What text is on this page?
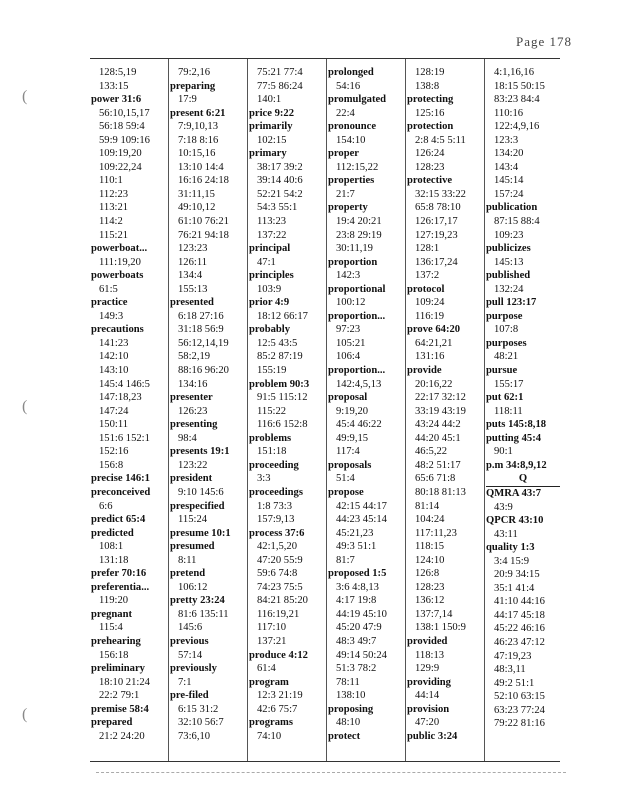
Page 178
(
(
(
128:5,19
133:15
power 31:6
56:10,15,17
56:18 59:4
59:9 109:16
109:19,20
109:22,24
110:1
112:23
113:21
114:2
115:21
powerboat...
111:19,20
powerboats
61:5
practice
149:3
precautions
141:23
142:10
143:10
145:4 146:5
147:18,23
147:24
150:11
151:6 152:1
152:16
156:8
precise 146:1
preconceived
6:6
predict 65:4
predicted
108:1
131:18
prefer 70:16
preferentia...
119:20
pregnant
115:4
prehearing
156:18
preliminary
18:10 21:24
22:2 79:1
premise 58:4
prepared
21:2 24:20
79:2,16
preparing
17:9
present 6:21
7:9,10,13
7:18 8:16
10:15,16
13:10 14:4
16:16 24:18
31:11,15
49:10,12
61:10 76:21
76:21 94:18
123:23
126:11
134:4
155:13
presented
6:18 27:16
31:18 56:9
56:12,14,19
58:2,19
88:16 96:20
134:16
presenter
126:23
presenting
98:4
presents 19:1
123:22
president
9:10 145:6
prespecified
115:24
presume 10:1
presumed
8:11
pretend
106:12
pretty 23:24
81:6 135:11
145:6
previous
57:14
previously
7:1
pre-filed
6:15 31:2
32:10 56:7
73:6,10
75:21 77:4
77:5 86:24
140:1
price 9:22
primarily
102:15
primary
38:17 39:2
39:14 40:6
52:21 54:2
54:3 55:1
113:23
137:22
principal
47:1
principles
103:9
prior 4:9
18:12 66:17
probably
12:5 43:5
85:2 87:19
155:19
problem 90:3
91:5 115:12
115:22
116:6 152:8
problems
151:18
proceeding
3:3
proceedings
1:8 73:3
157:9,13
process 37:6
42:1,5,20
47:20 55:9
59:6 74:8
74:23 75:5
84:21 85:20
116:19,21
117:10
137:21
produce 4:12
61:4
program
12:3 21:19
42:6 75:7
programs
74:10
prolonged
54:16
promulgated
22:4
pronounce
154:10
proper
112:15,22
properties
21:7
property
19:4 20:21
23:8 29:19
30:11,19
proportion
142:3
proportional
100:12
proportion...
97:23
105:21
106:4
proportion...
142:4,5,13
proposal
9:19,20
45:4 46:22
49:9,15
117:4
proposals
51:4
propose
42:15 44:17
44:23 45:14
45:21,23
49:3 51:1
81:7
proposed 1:5
3:6 4:8,13
4:17 19:8
44:19 45:10
45:20 47:9
48:3 49:7
49:14 50:24
51:3 78:2
78:11
138:10
proposing
48:10
protect
128:19
138:8
protecting
125:16
protection
2:8 4:5 5:11
126:24
128:23
protective
32:15 33:22
65:8 78:10
126:17,17
127:19,23
128:1
136:17,24
137:2
protocol
109:24
116:19
prove 64:20
64:21,21
131:16
provide
20:16,22
22:17 32:12
33:19 43:19
43:24 44:2
44:20 45:1
46:5,22
48:2 51:17
65:6 71:8
80:18 81:13
81:14
104:24
117:11,23
118:15
124:10
126:8
128:23
136:12
137:7,14
138:1 150:9
provided
118:13
129:9
providing
44:14
provision
47:20
public 3:24
4:1,16,16
18:15 50:15
83:23 84:4
110:16
122:4,9,16
123:3
134:20
143:4
145:14
157:24
publication
87:15 88:4
109:23
publicizes
145:13
published
132:24
pull 123:17
purpose
107:8
purposes
48:21
pursue
155:17
put 62:1
118:11
puts 145:8,18
putting 45:4
90:1
p.m 34:8,9,12
Q
QMRA 43:7
43:9
QPCR 43:10
43:11
quality 1:3
3:4 15:9
20:9 34:15
35:1 41:4
41:10 44:16
44:17 45:18
45:22 46:16
46:23 47:12
47:19,23
48:3,11
49:2 51:1
52:10 63:15
63:23 77:24
79:22 81:16
